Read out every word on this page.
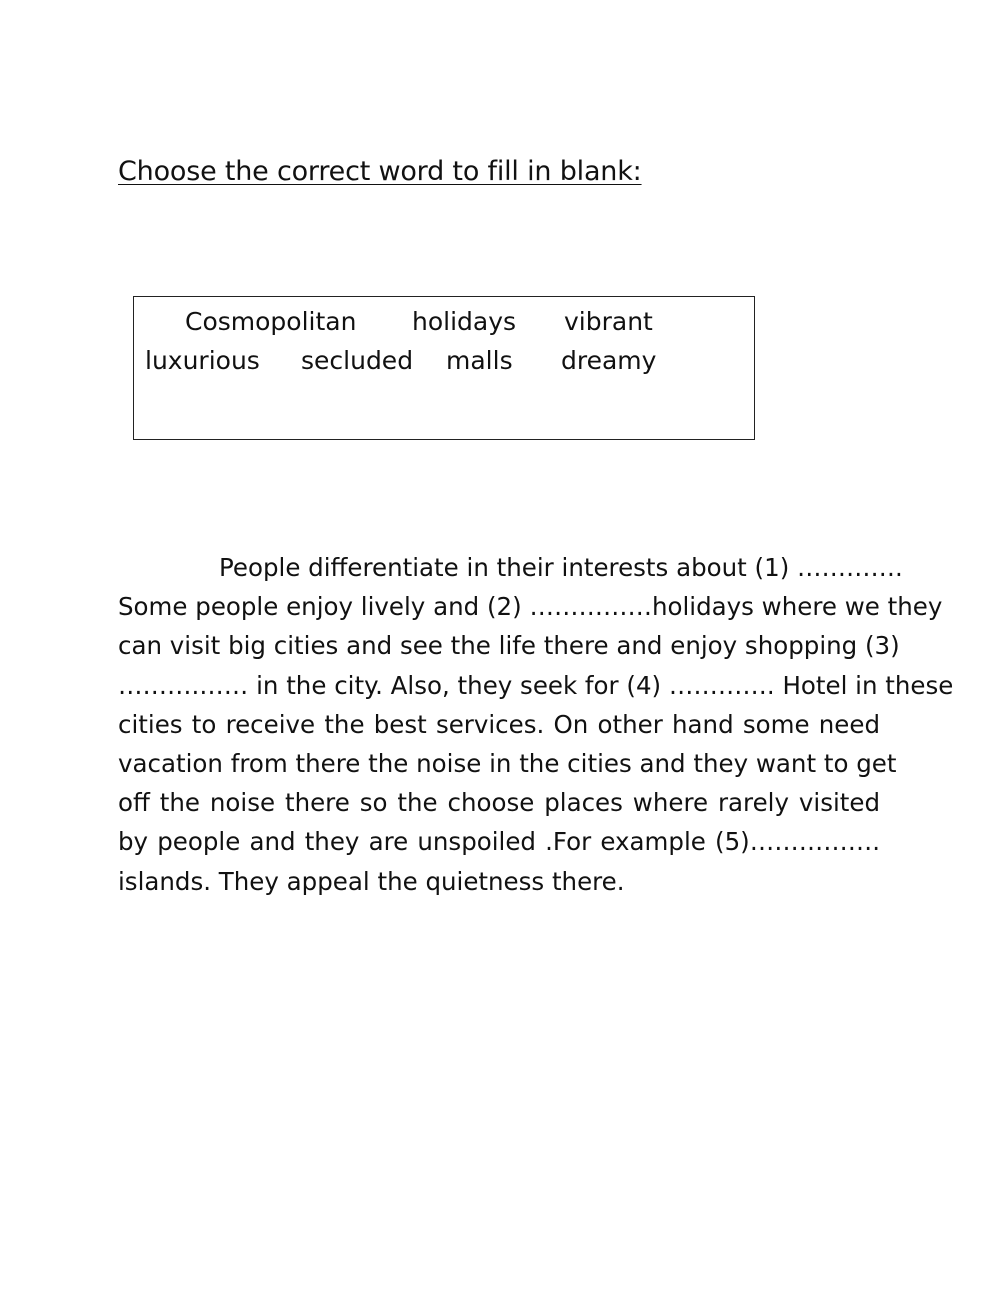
Choose the correct word to fill in blank:
Cosmopolitan holidays vibrant
luxurious secluded malls dreamy
People differentiate in their interests about (1) ………….
Some people enjoy lively and (2) ……………holidays where we they
can visit big cities and see the life there and enjoy shopping (3)
……….…… in the city. Also, they seek for (4) …………. Hotel in these
cities to receive the best services. On other hand some need
vacation from there the noise in the cities and they want to get
off the noise there so the choose places where rarely visited
by people and they are unspoiled .For example (5)…………….
islands. They appeal the quietness there.
